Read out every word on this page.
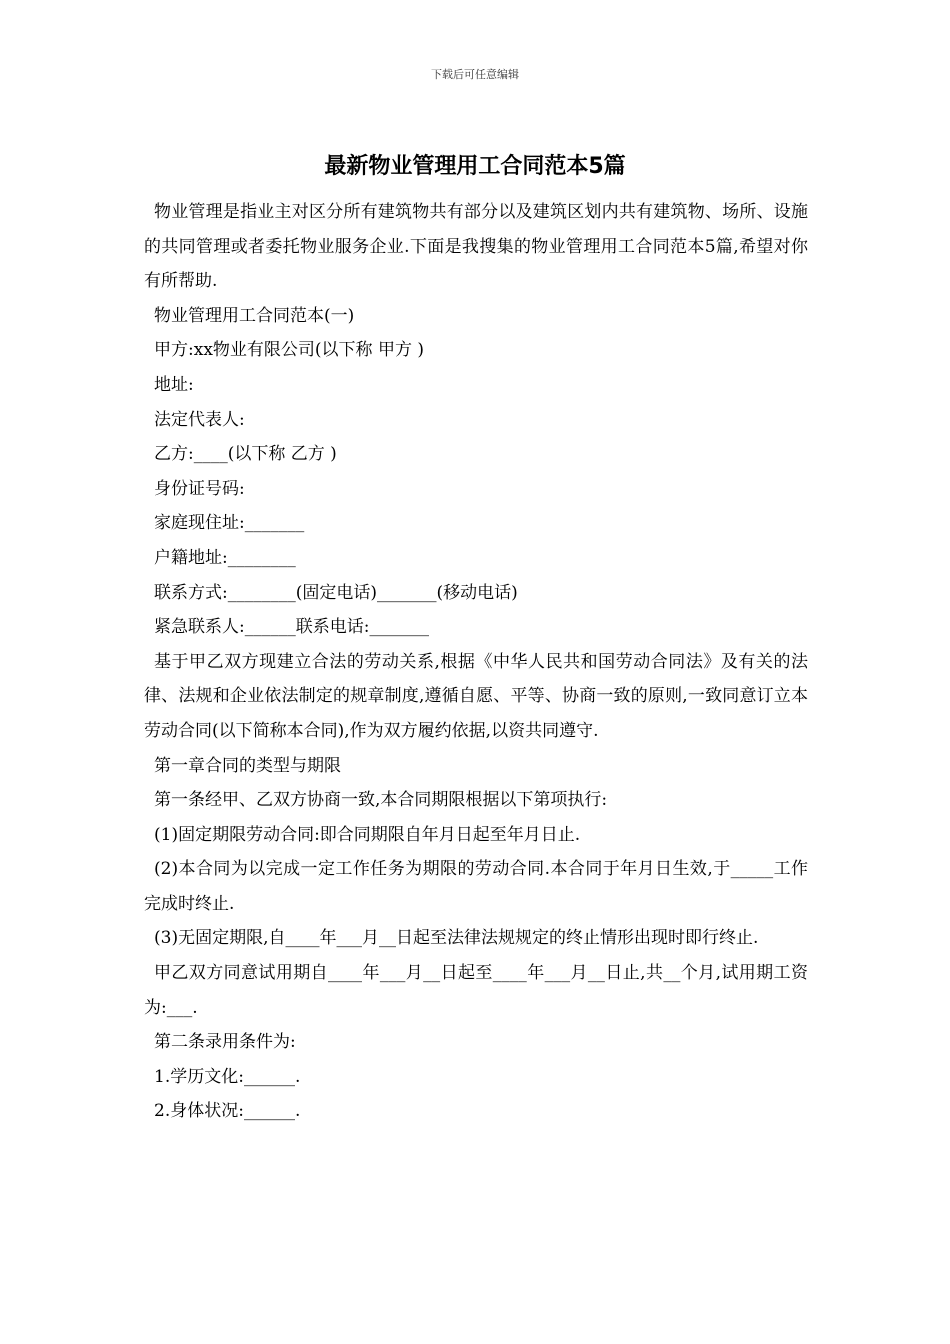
下载后可任意编辑
最新物业管理用工合同范本5篇

物业管理是指业主对区分所有建筑物共有部分以及建筑区划内共有建筑物、场所、设施的共同管理或者委托物业服务企业.下面是我搜集的物业管理用工合同范本5篇,希望对你有所帮助.

物业管理用工合同范本(一)

甲方:xx物业有限公司(以下称 甲方 )

地址:

法定代表人:

乙方:____(以下称 乙方 )

身份证号码:

家庭现住址:_______

户籍地址:________

联系方式:________(固定电话)_______(移动电话)

紧急联系人:______联系电话:_______

基于甲乙双方现建立合法的劳动关系,根据《中华人民共和国劳动合同法》及有关的法律、法规和企业依法制定的规章制度,遵循自愿、平等、协商一致的原则,一致同意订立本劳动合同(以下简称本合同),作为双方履约依据,以资共同遵守.

第一章合同的类型与期限

第一条经甲、乙双方协商一致,本合同期限根据以下第项执行:

(1)固定期限劳动合同:即合同期限自年月日起至年月日止.

(2)本合同为以完成一定工作任务为期限的劳动合同.本合同于年月日生效,于_____工作完成时终止.

(3)无固定期限,自____年___月__日起至法律法规规定的终止情形出现时即行终止.

甲乙双方同意试用期自____年___月__日起至____年___月__日止,共__个月,试用期工资为:___.

第二条录用条件为:

1.学历文化:______.

2.身体状况:______.
